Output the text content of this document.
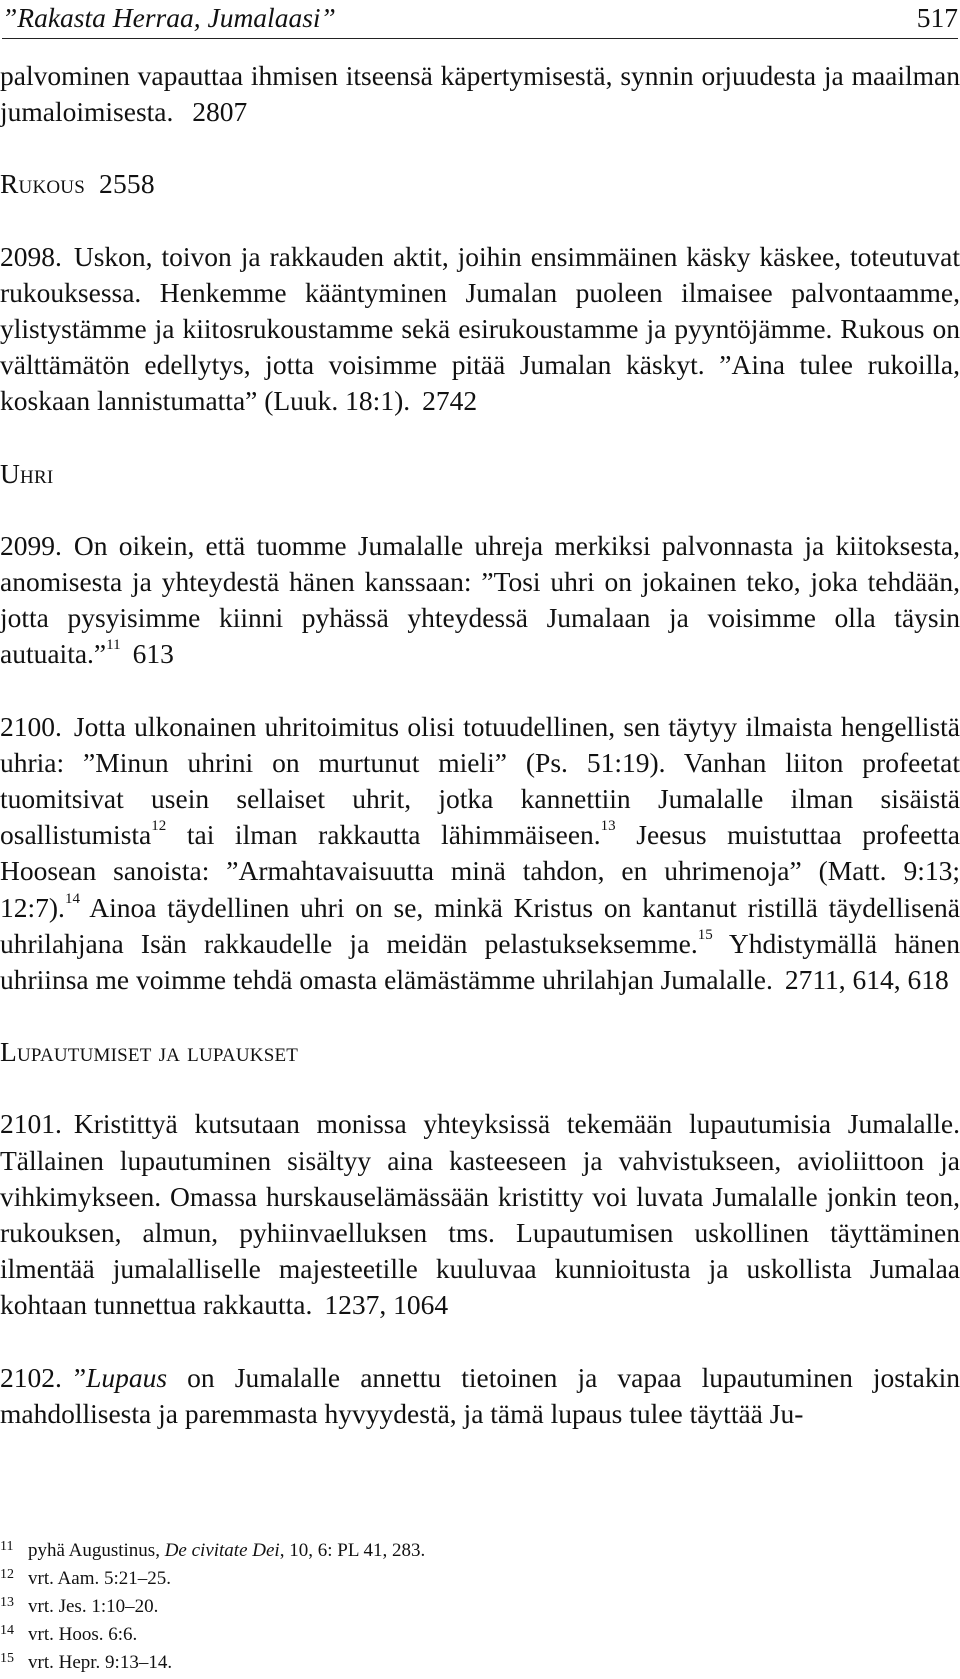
”Rakasta Herraa, Jumalaasi”	517

palvominen vapauttaa ihmisen itseensä käpertymisestä, synnin orjuudesta ja maailman jumaloimisesta. 2807

Rukous 2558

2098. Uskon, toivon ja rakkauden aktit, joihin ensimmäinen käsky käskee, toteutuvat rukouksessa. Henkemme kääntyminen Jumalan puoleen ilmaisee palvontaamme, ylistystämme ja kiitosrukoustamme sekä esirukoustamme ja pyyntöjämme. Rukous on välttämätön edellytys, jotta voisimme pitää Jumalan käskyt. ”Aina tulee rukoilla, koskaan lannistumatta” (Luuk. 18:1). 2742

Uhri

2099. On oikein, että tuomme Jumalalle uhreja merkiksi palvonnasta ja kiitoksesta, anomisesta ja yhteydestä hänen kanssaan: ”Tosi uhri on jokainen teko, joka tehdään, jotta pysyisimme kiinni pyhässä yhteydessä Jumalaan ja voisimme olla täysin autuaita.”$^{11}$ 613

2100. Jotta ulkonainen uhritoimitus olisi totuudellinen, sen täytyy ilmaista hengellistä uhria: ”Minun uhrini on murtunut mieli” (Ps. 51:19). Vanhan liiton profeetat tuomitsivat usein sellaiset uhrit, jotka kannettiin Jumalalle ilman sisäistä osallistumista$^{12}$ tai ilman rakkautta lähimmäiseen.$^{13}$ Jeesus muistuttaa profeetta Hoosean sanoista: ”Armahtavaisuutta minä tahdon, en uhrimenoja” (Matt. 9:13; 12:7).$^{14}$ Ainoa täydellinen uhri on se, minkä Kristus on kantanut ristillä täydellisenä uhrilahjana Isän rakkaudelle ja meidän pelastukseksemme.$^{15}$ Yhdistymällä hänen uhriinsa me voimme tehdä omasta elämästämme uhrilahjan Jumalalle. 2711, 614, 618

Lupautumiset ja lupaukset

2101. Kristittyä kutsutaan monissa yhteyksissä tekemään lupautumisia Jumalalle. Tällainen lupautuminen sisältyy aina kasteeseen ja vahvistukseen, avioliittoon ja vihkimykseen. Omassa hurskauselämässään kristitty voi luvata Jumalalle jonkin teon, rukouksen, almun, pyhiinvaelluksen tms. Lupautumisen uskollinen täyttäminen ilmentää jumalalliselle majesteetille kuuluvaa kunnioitusta ja uskollista Jumalaa kohtaan tunnettua rakkautta. 1237, 1064

2102. ”Lupaus on Jumalalle annettu tietoinen ja vapaa lupautuminen jostakin mahdollisesta ja paremmasta hyvyydestä, ja tämä lupaus tulee täyttää Ju-

11 pyhä Augustinus, De civitate Dei, 10, 6: PL 41, 283.
12 vrt. Aam. 5:21–25.
13 vrt. Jes. 1:10–20.
14 vrt. Hoos. 6:6.
15 vrt. Hepr. 9:13–14.
